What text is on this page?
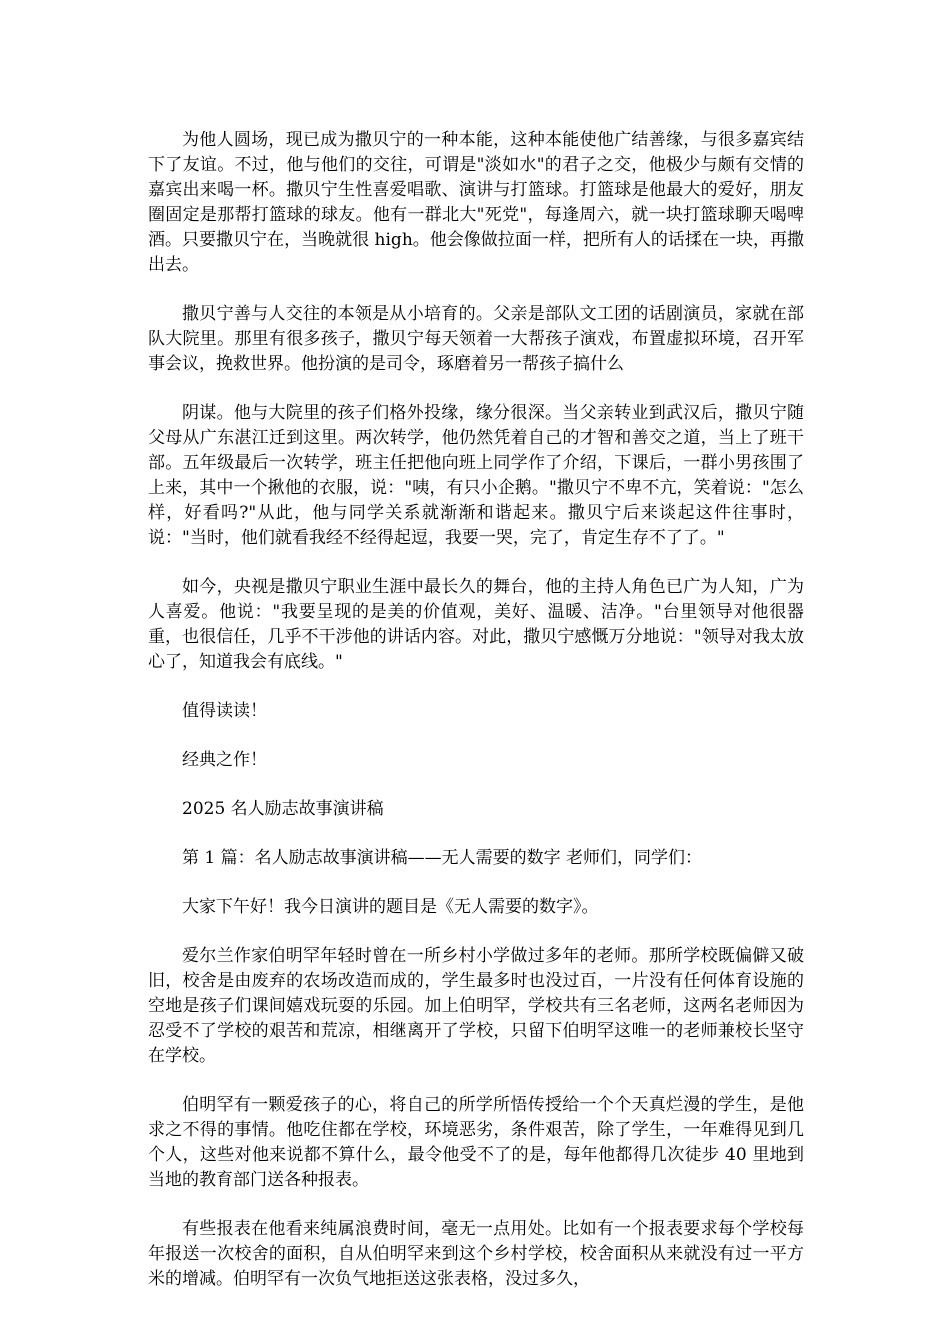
为他人圆场，现已成为撒贝宁的一种本能，这种本能使他广结善缘，与很多嘉宾结下了友谊。不过，他与他们的交往，可谓是"淡如水"的君子之交，他极少与颇有交情的嘉宾出来喝一杯。撒贝宁生性喜爱唱歌、演讲与打篮球。打篮球是他最大的爱好，朋友圈固定是那帮打篮球的球友。他有一群北大"死党"，每逢周六，就一块打篮球聊天喝啤酒。只要撒贝宁在，当晚就很 high。他会像做拉面一样，把所有人的话揉在一块，再撒出去。

撒贝宁善与人交往的本领是从小培育的。父亲是部队文工团的话剧演员，家就在部队大院里。那里有很多孩子，撒贝宁每天领着一大帮孩子演戏，布置虚拟环境，召开军事会议，挽救世界。他扮演的是司令，琢磨着另一帮孩子搞什么

阴谋。他与大院里的孩子们格外投缘，缘分很深。当父亲转业到武汉后，撒贝宁随父母从广东湛江迁到这里。两次转学，他仍然凭着自己的才智和善交之道，当上了班干部。五年级最后一次转学，班主任把他向班上同学作了介绍，下课后，一群小男孩围了上来，其中一个揪他的衣服，说："咦，有只小企鹅。"撒贝宁不卑不亢，笑着说："怎么样，好看吗?"从此，他与同学关系就渐渐和谐起来。撒贝宁后来谈起这件往事时，说："当时，他们就看我经不经得起逗，我要一哭，完了，肯定生存不了了。"

如今，央视是撒贝宁职业生涯中最长久的舞台，他的主持人角色已广为人知，广为人喜爱。他说："我要呈现的是美的价值观，美好、温暖、洁净。"台里领导对他很器重，也很信任，几乎不干涉他的讲话内容。对此，撒贝宁感慨万分地说："领导对我太放心了，知道我会有底线。"

值得读读！

经典之作！

2025 名人励志故事演讲稿

第 1 篇：名人励志故事演讲稿——无人需要的数字 老师们，同学们：

大家下午好！我今日演讲的题目是《无人需要的数字》。

爱尔兰作家伯明罕年轻时曾在一所乡村小学做过多年的老师。那所学校既偏僻又破旧，校舍是由废弃的农场改造而成的，学生最多时也没过百，一片没有任何体育设施的空地是孩子们课间嬉戏玩耍的乐园。加上伯明罕，学校共有三名老师，这两名老师因为忍受不了学校的艰苦和荒凉，相继离开了学校，只留下伯明罕这唯一的老师兼校长坚守在学校。

伯明罕有一颗爱孩子的心，将自己的所学所悟传授给一个个天真烂漫的学生，是他求之不得的事情。他吃住都在学校，环境恶劣，条件艰苦，除了学生，一年难得见到几个人，这些对他来说都不算什么，最令他受不了的是，每年他都得几次徒步 40 里地到当地的教育部门送各种报表。

有些报表在他看来纯属浪费时间，毫无一点用处。比如有一个报表要求每个学校每年报送一次校舍的面积，自从伯明罕来到这个乡村学校，校舍面积从来就没有过一平方米的增减。伯明罕有一次负气地拒送这张表格，没过多久，
